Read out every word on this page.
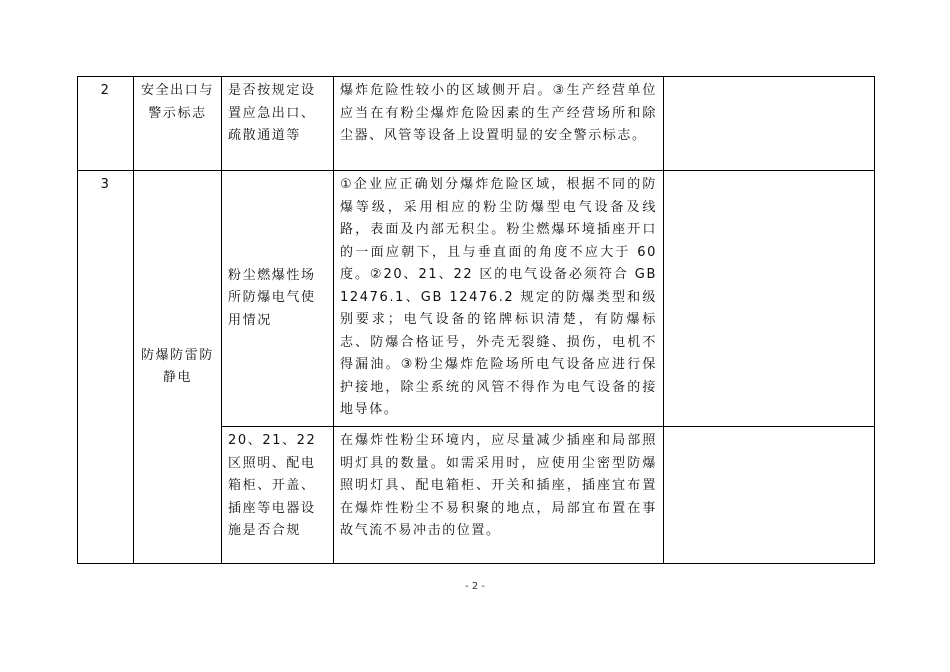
2	安全出口与警示标志	是否按规定设置应急出口、疏散通道等	爆炸危险性较小的区域侧开启。③生产经营单位应当在有粉尘爆炸危险因素的生产经营场所和除尘器、风管等设备上设置明显的安全警示标志。	
3	防爆防雷防静电	粉尘燃爆性场所防爆电气使用情况	①企业应正确划分爆炸危险区域，根据不同的防爆等级，采用相应的粉尘防爆型电气设备及线路，表面及内部无积尘。粉尘燃爆环境插座开口的一面应朝下，且与垂直面的角度不应大于 60 度。②20、21、22 区的电气设备必须符合 GB 12476.1、GB 12476.2 规定的防爆类型和级别要求；电气设备的铭牌标识清楚，有防爆标志、防爆合格证号，外壳无裂缝、损伤，电机不得漏油。③粉尘爆炸危险场所电气设备应进行保护接地，除尘系统的风管不得作为电气设备的接地导体。	
		20、21、22 区照明、配电箱柜、开盖、插座等电器设施是否合规	在爆炸性粉尘环境内，应尽量减少插座和局部照明灯具的数量。如需采用时，应使用尘密型防爆照明灯具、配电箱柜、开关和插座，插座宜布置在爆炸性粉尘不易积聚的地点，局部宜布置在事故气流不易冲击的位置。	
- 2 -
